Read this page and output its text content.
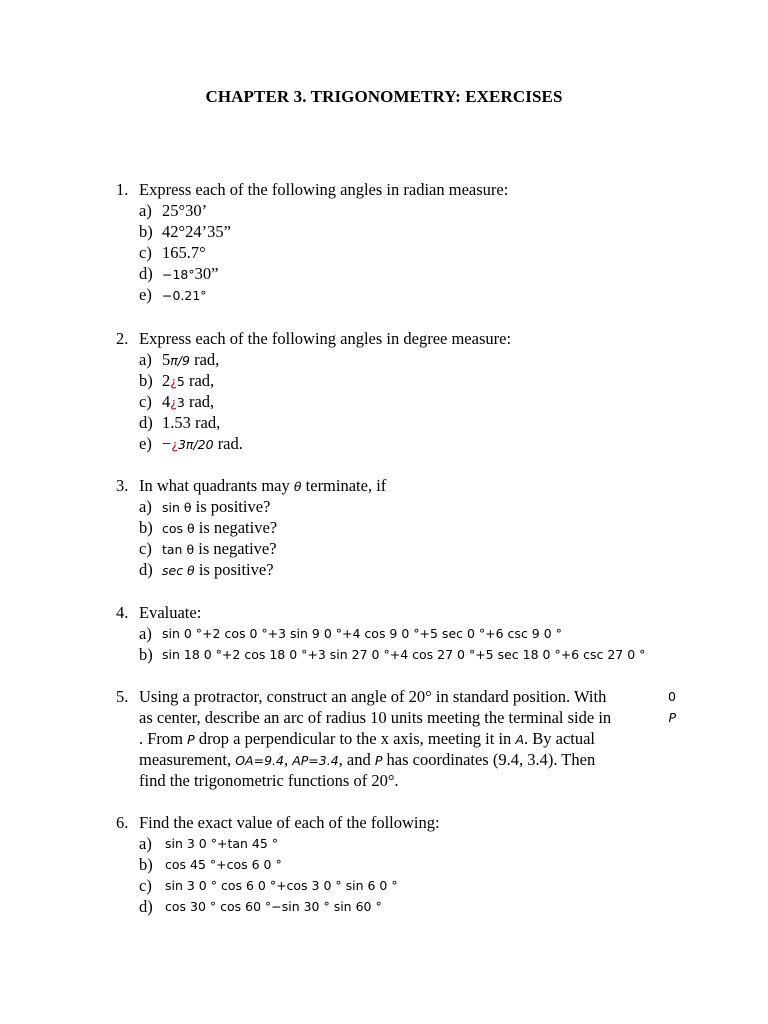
CHAPTER 3. TRIGONOMETRY: EXERCISES
1. Express each of the following angles in radian measure:
a) 25°30’
b) 42°24’35”
c) 165.7°
d) −18°30”
e) −0.21°
2. Express each of the following angles in degree measure:
a) 5π/9 rad,
b) 2¿5 rad,
c) 4¿3 rad,
d) 1.53 rad,
e) −¿3π/20 rad.
3. In what quadrants may θ terminate, if
a) sin θ is positive?
b) cos θ is negative?
c) tan θ is negative?
d) sec θ is positive?
4. Evaluate:
a) sin 0 °+2 cos 0 °+3 sin 9 0 °+4 cos 9 0 °+5 sec 0 °+6 csc 9 0 °
b) sin 18 0 °+2 cos 18 0 °+3 sin 27 0 °+4 cos 27 0 °+5 sec 18 0 °+6 csc 27 0 °
5. Using a protractor, construct an angle of 20° in standard position. With	0
as center, describe an arc of radius 10 units meeting the terminal side in	P
. From P drop a perpendicular to the x axis, meeting it in A. By actual
measurement, OA=9.4, AP=3.4, and P has coordinates (9.4, 3.4). Then
find the trigonometric functions of 20°.
6. Find the exact value of each of the following:
a) sin 3 0 °+tan 45 °
b) cos 45 °+cos 6 0 °
c) sin 3 0 ° cos 6 0 °+cos 3 0 ° sin 6 0 °
d) cos 30 ° cos 60 °−sin 30 ° sin 60 °
